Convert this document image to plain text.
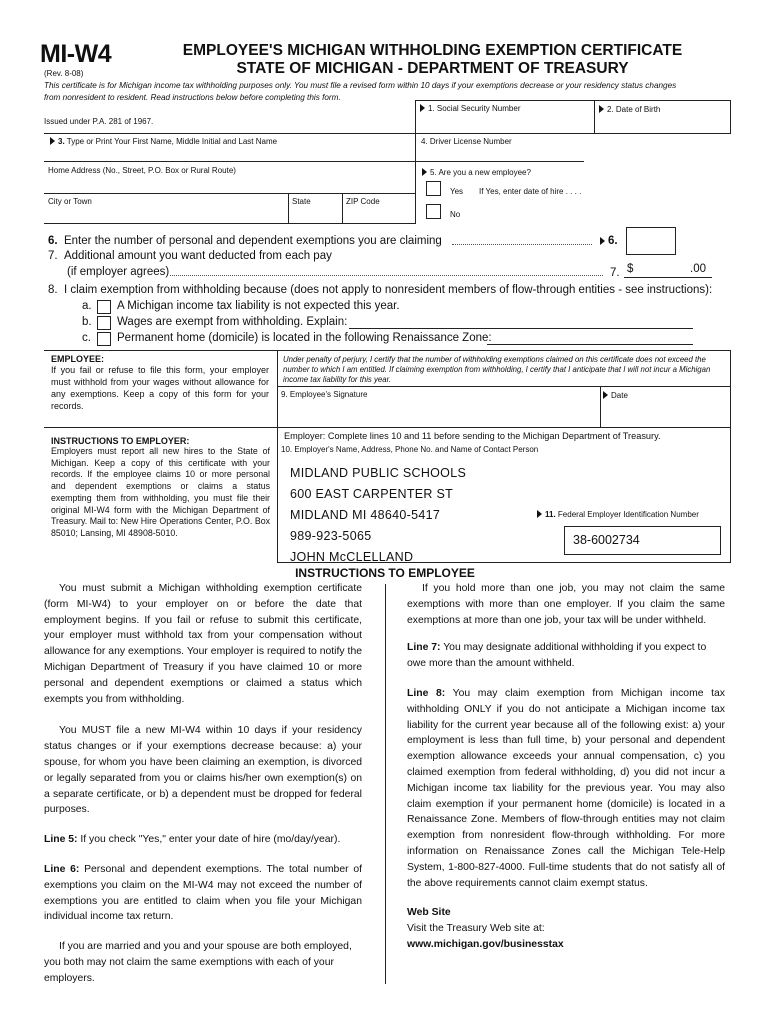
MI-W4
(Rev. 8-08)
EMPLOYEE'S MICHIGAN WITHHOLDING EXEMPTION CERTIFICATE
STATE OF MICHIGAN - DEPARTMENT OF TREASURY
This certificate is for Michigan income tax withholding purposes only. You must file a revised form within 10 days if your exemptions decrease or your residency status changes
from nonresident to resident. Read instructions below before completing this form.
Issued under P.A. 281 of 1967.
1. Social Security Number	2. Date of Birth
3. Type or Print Your First Name, Middle Initial and Last Name	4. Driver License Number
Home Address (No., Street, P.O. Box or Rural Route)	5. Are you a new employee?
Yes If Yes, enter date of hire . . . .
No
City or Town	State	ZIP Code
6. Enter the number of personal and dependent exemptions you are claiming	6.
7. Additional amount you want deducted from each pay
(if employer agrees)	7. $	.00
8. I claim exemption from withholding because (does not apply to nonresident members of flow-through entities - see instructions):
a. A Michigan income tax liability is not expected this year.
b. Wages are exempt from withholding. Explain:
c. Permanent home (domicile) is located in the following Renaissance Zone:
EMPLOYEE:
If you fail or refuse to file this form, your employer must withhold from your wages without allowance for any exemptions. Keep a copy of this form for your records.
INSTRUCTIONS TO EMPLOYER:
Employers must report all new hires to the State of Michigan. Keep a copy of this certificate with your records. If the employee claims 10 or more personal and dependent exemptions or claims a status exempting them from withholding, you must file their original MI-W4 form with the Michigan Department of Treasury. Mail to: New Hire Operations Center, P.O. Box 85010; Lansing, MI 48908-5010.
Under penalty of perjury, I certify that the number of withholding exemptions claimed on this certificate does not exceed the number to which I am entitled. If claiming exemption from withholding, I certify that I anticipate that I will not incur a Michigan income tax liability for this year.
9. Employee's Signature	Date
Employer: Complete lines 10 and 11 before sending to the Michigan Department of Treasury.
10. Employer's Name, Address, Phone No. and Name of Contact Person
MIDLAND PUBLIC SCHOOLS
600 EAST CARPENTER ST
MIDLAND MI 48640-5417
989-923-5065
JOHN McCLELLAND
11. Federal Employer Identification Number
38-6002734
INSTRUCTIONS TO EMPLOYEE

You must submit a Michigan withholding exemption certificate (form MI-W4) to your employer on or before the date that employment begins. If you fail or refuse to submit this certificate, your employer must withhold tax from your compensation without allowance for any exemptions. Your employer is required to notify the Michigan Department of Treasury if you have claimed 10 or more personal and dependent exemptions or claimed a status which exempts you from withholding.

You MUST file a new MI-W4 within 10 days if your residency status changes or if your exemptions decrease because: a) your spouse, for whom you have been claiming an exemption, is divorced or legally separated from you or claims his/her own exemption(s) on a separate certificate, or b) a dependent must be dropped for federal purposes.

Line 5: If you check "Yes," enter your date of hire (mo/day/year).

Line 6: Personal and dependent exemptions. The total number of exemptions you claim on the MI-W4 may not exceed the number of exemptions you are entitled to claim when you file your Michigan individual income tax return.

If you are married and you and your spouse are both employed, you both may not claim the same exemptions with each of your employers.

If you hold more than one job, you may not claim the same exemptions with more than one employer. If you claim the same exemptions at more than one job, your tax will be under withheld.

Line 7: You may designate additional withholding if you expect to owe more than the amount withheld.

Line 8: You may claim exemption from Michigan income tax withholding ONLY if you do not anticipate a Michigan income tax liability for the current year because all of the following exist: a) your employment is less than full time, b) your personal and dependent exemption allowance exceeds your annual compensation, c) you claimed exemption from federal withholding, d) you did not incur a Michigan income tax liability for the previous year. You may also claim exemption if your permanent home (domicile) is located in a Renaissance Zone. Members of flow-through entities may not claim exemption from nonresident flow-through withholding. For more information on Renaissance Zones call the Michigan Tele-Help System, 1-800-827-4000. Full-time students that do not satisfy all of the above requirements cannot claim exempt status.

Web Site

Visit the Treasury Web site at:

www.michigan.gov/businesstax
